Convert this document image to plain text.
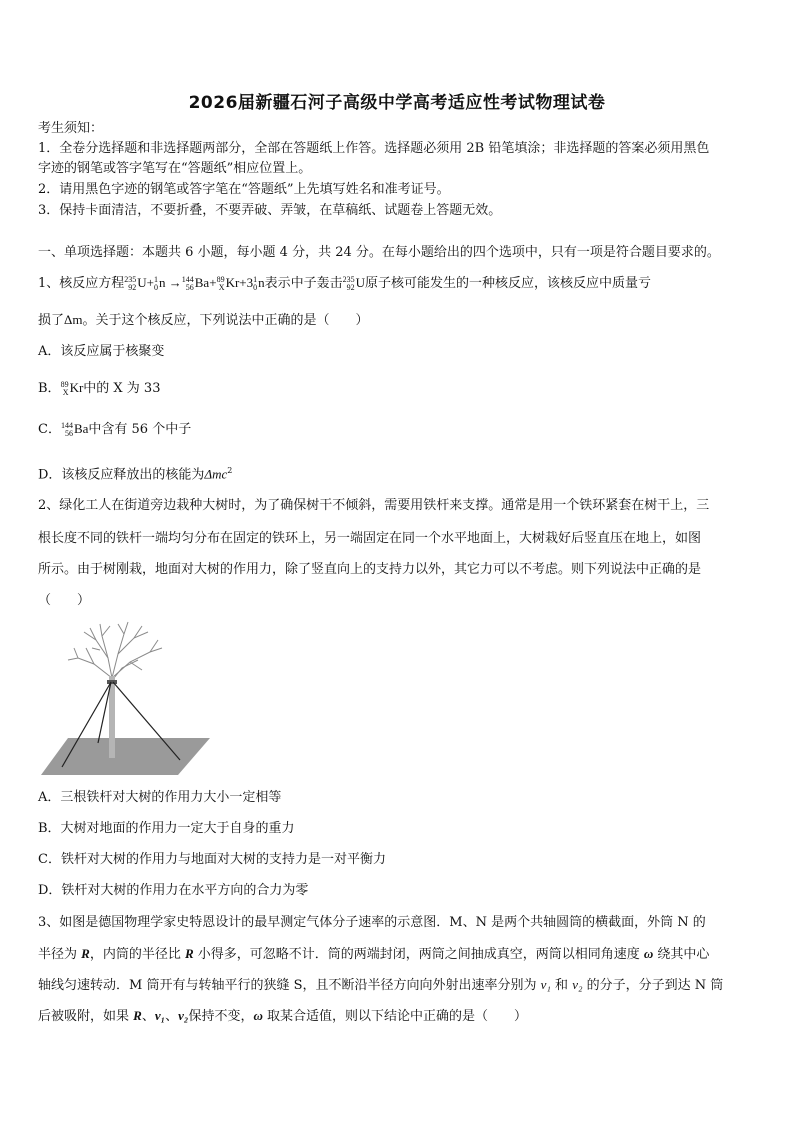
2026届新疆石河子高级中学高考适应性考试物理试卷
考生须知：
1．全卷分选择题和非选择题两部分，全部在答题纸上作答。选择题必须用 2B 铅笔填涂；非选择题的答案必须用黑色
字迹的钢笔或答字笔写在“答题纸”相应位置上。
2．请用黑色字迹的钢笔或答字笔在“答题纸”上先填写姓名和准考证号。
3．保持卡面清洁，不要折叠，不要弄破、弄皱，在草稿纸、试题卷上答题无效。
一、单项选择题：本题共 6 小题，每小题 4 分，共 24 分。在每小题给出的四个选项中，只有一项是符合题目要求的。
1、核反应方程 235
92 U+ 1
0 n → 144
56 Ba+ 89
X Kr+3 1
0 n表示中子轰击 235
92 U原子核可能发生的一种核反应，该核反应中质量亏
损了Δm。关于这个核反应，下列说法中正确的是（　　）
A．该反应属于核聚变
B． 89
X Kr中的 X 为 33
C． 144
56 Ba中含有 56 个中子
D．该核反应释放出的核能为Δmc$^2$
2、绿化工人在街道旁边栽种大树时，为了确保树干不倾斜，需要用铁杆来支撑。通常是用一个铁环紧套在树干上，三
根长度不同的铁杆一端均匀分布在固定的铁环上，另一端固定在同一个水平地面上，大树栽好后竖直压在地上，如图
所示。由于树刚栽，地面对大树的作用力，除了竖直向上的支持力以外，其它力可以不考虑。则下列说法中正确的是
（　　）
A．三根铁杆对大树的作用力大小一定相等
B．大树对地面的作用力一定大于自身的重力
C．铁杆对大树的作用力与地面对大树的支持力是一对平衡力
D．铁杆对大树的作用力在水平方向的合力为零
3、如图是德国物理学家史特恩设计的最早测定气体分子速率的示意图．M、N 是两个共轴圆筒的横截面，外筒 N 的
半径为 R，内筒的半径比 R 小得多，可忽略不计．筒的两端封闭，两筒之间抽成真空，两筒以相同角速度 ω 绕其中心
轴线匀速转动．M 筒开有与转轴平行的狭缝 S，且不断沿半径方向向外射出速率分别为 v₁ 和 v₂ 的分子，分子到达 N 筒
后被吸附，如果 R、v₁、v₂保持不变，ω 取某合适值，则以下结论中正确的是（　　）
